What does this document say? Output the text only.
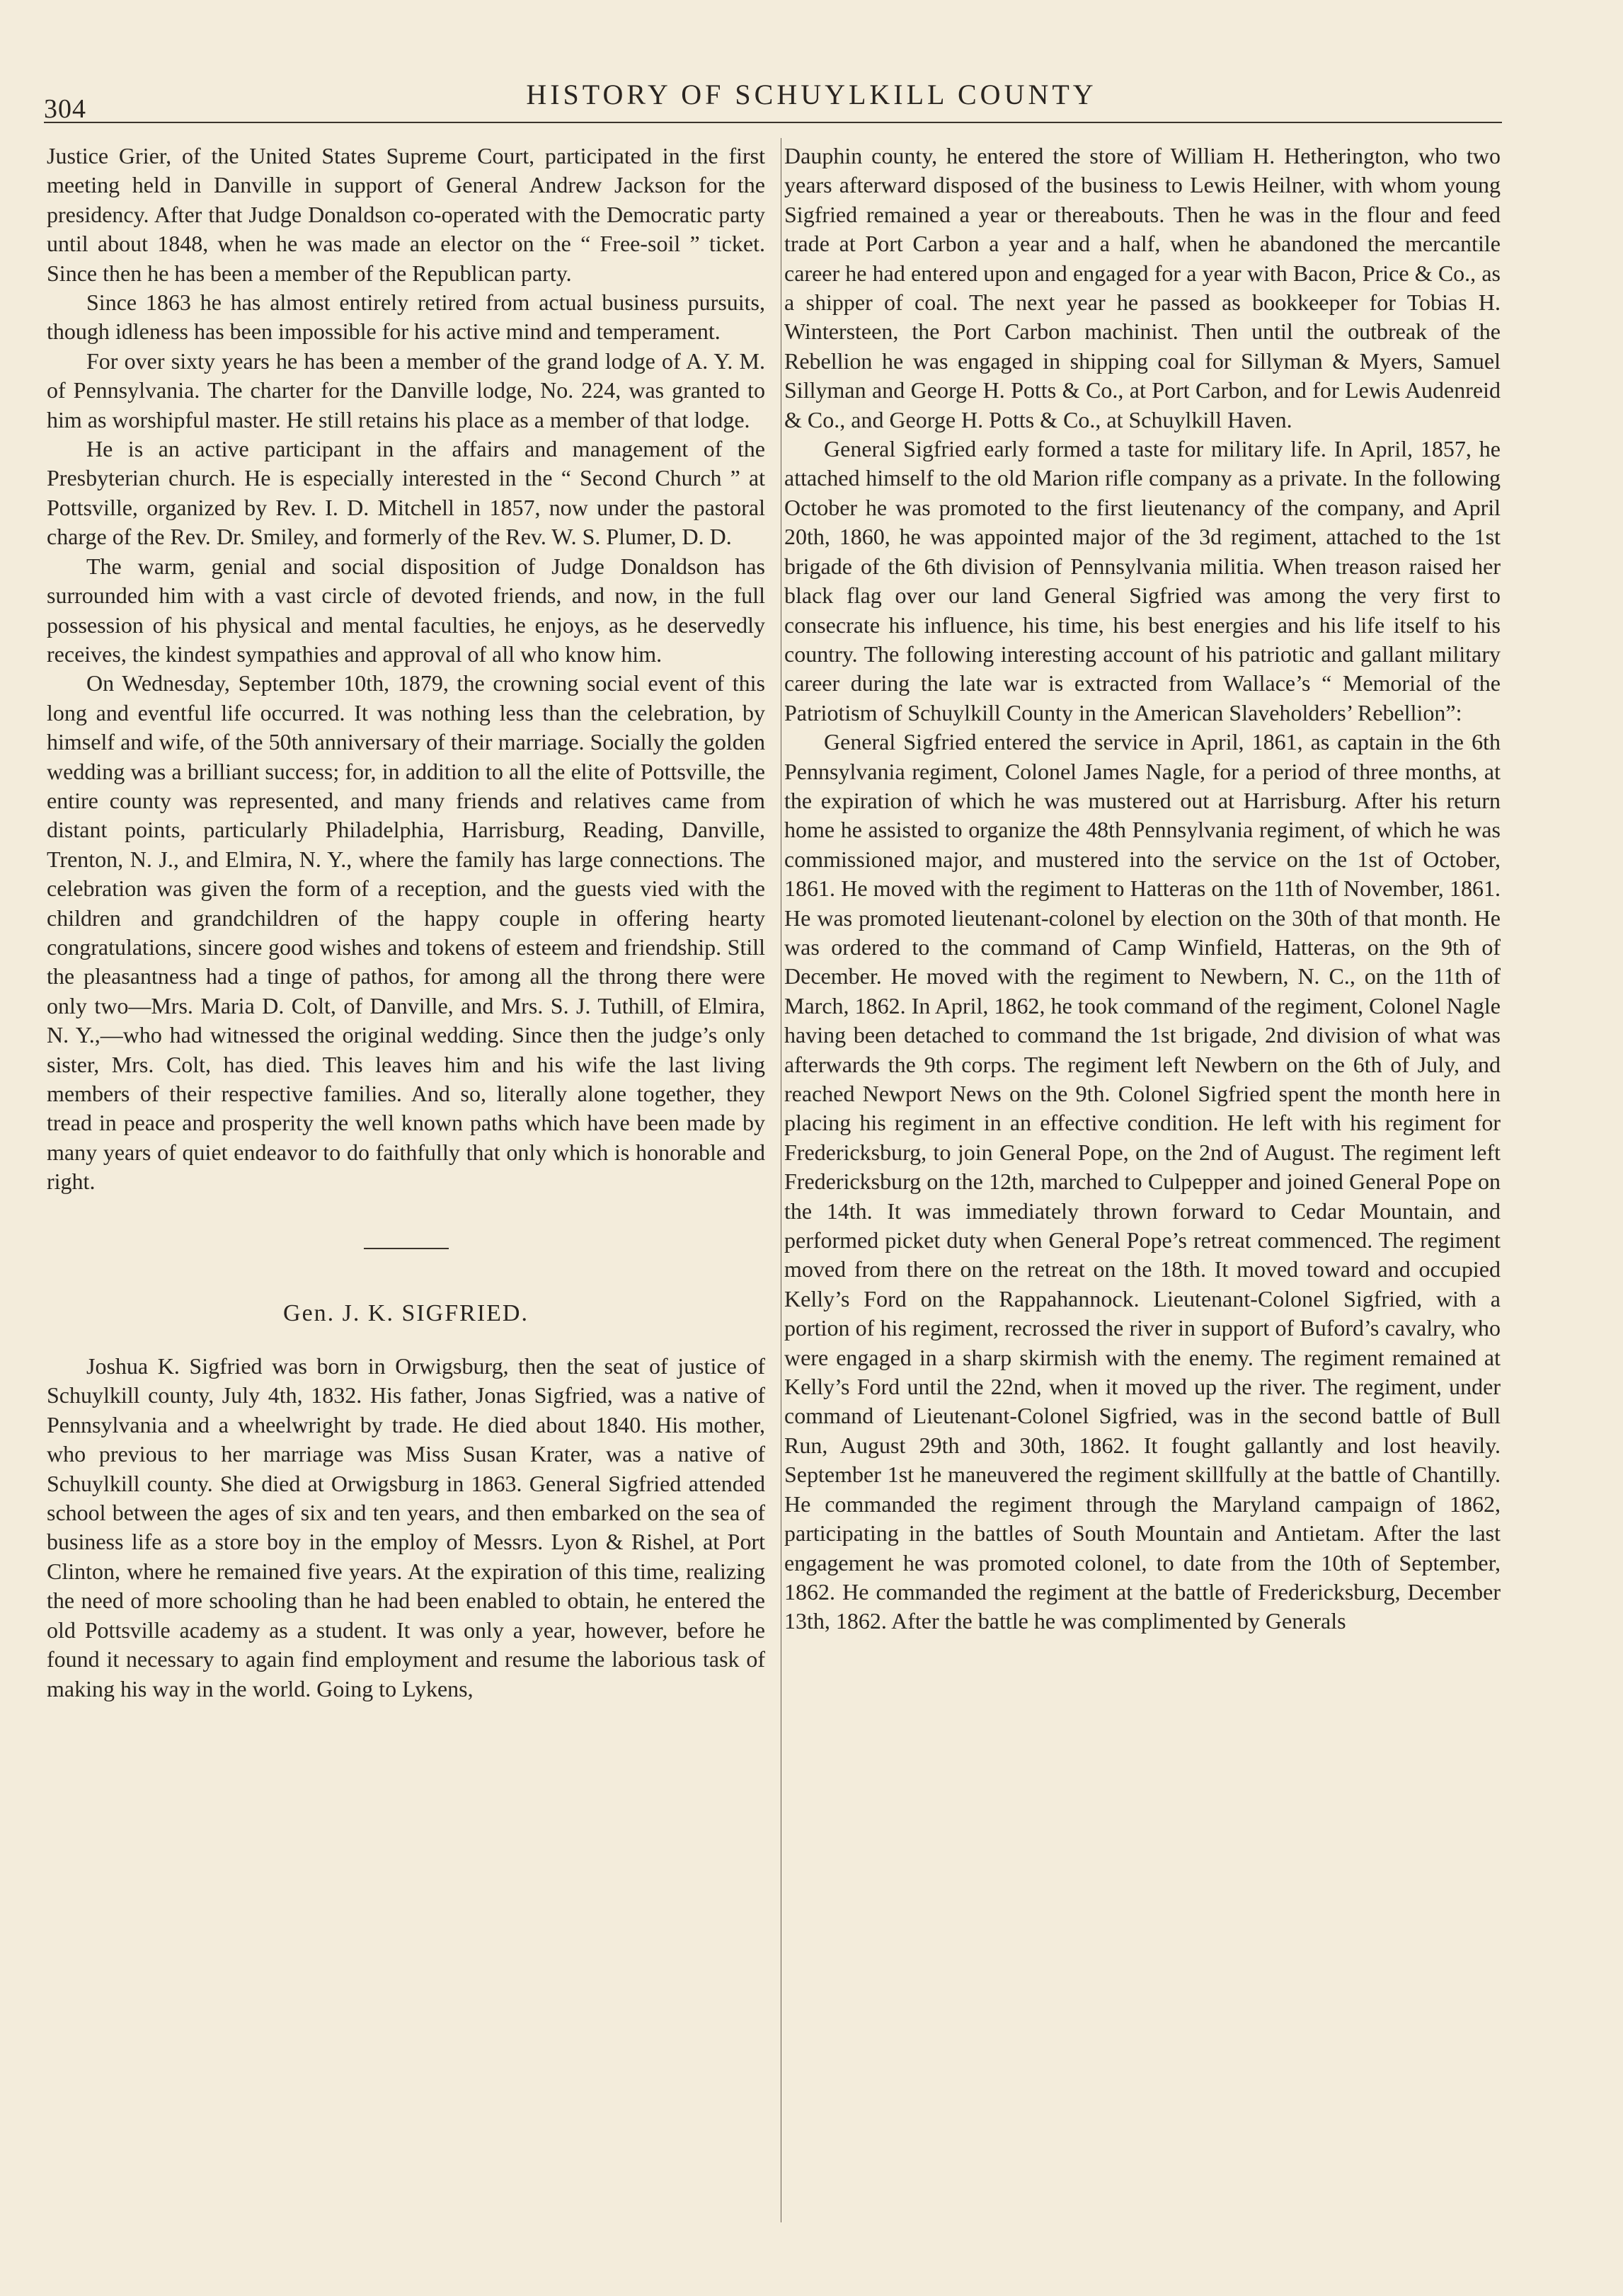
304	HISTORY OF SCHUYLKILL COUNTY

Justice Grier, of the United States Supreme Court, participated in the first meeting held in Danville in support of General Andrew Jackson for the presidency. After that Judge Donaldson co-operated with the Democratic party until about 1848, when he was made an elector on the “ Free-soil ” ticket. Since then he has been a member of the Republican party.

Since 1863 he has almost entirely retired from actual business pursuits, though idleness has been impossible for his active mind and temperament.

For over sixty years he has been a member of the grand lodge of A. Y. M. of Pennsylvania. The charter for the Danville lodge, No. 224, was granted to him as worshipful master. He still retains his place as a member of that lodge.

He is an active participant in the affairs and management of the Presbyterian church. He is especially interested in the “ Second Church ” at Pottsville, organized by Rev. I. D. Mitchell in 1857, now under the pastoral charge of the Rev. Dr. Smiley, and formerly of the Rev. W. S. Plumer, D. D.

The warm, genial and social disposition of Judge Donaldson has surrounded him with a vast circle of devoted friends, and now, in the full possession of his physical and mental faculties, he enjoys, as he deservedly receives, the kindest sympathies and approval of all who know him.

On Wednesday, September 10th, 1879, the crowning social event of this long and eventful life occurred. It was nothing less than the celebration, by himself and wife, of the 50th anniversary of their marriage. Socially the golden wedding was a brilliant success; for, in addition to all the elite of Pottsville, the entire county was represented, and many friends and relatives came from distant points, particularly Philadelphia, Harrisburg, Reading, Danville, Trenton, N. J., and Elmira, N. Y., where the family has large connections. The celebration was given the form of a reception, and the guests vied with the children and grandchildren of the happy couple in offering hearty congratulations, sincere good wishes and tokens of esteem and friendship. Still the pleasantness had a tinge of pathos, for among all the throng there were only two—Mrs. Maria D. Colt, of Danville, and Mrs. S. J. Tuthill, of Elmira, N. Y.,—who had witnessed the original wedding. Since then the judge’s only sister, Mrs. Colt, has died. This leaves him and his wife the last living members of their respective families. And so, literally alone together, they tread in peace and prosperity the well known paths which have been made by many years of quiet endeavor to do faithfully that only which is honorable and right.

Gen. J. K. SIGFRIED.

Joshua K. Sigfried was born in Orwigsburg, then the seat of justice of Schuylkill county, July 4th, 1832. His father, Jonas Sigfried, was a native of Pennsylvania and a wheelwright by trade. He died about 1840. His mother, who previous to her marriage was Miss Susan Krater, was a native of Schuylkill county. She died at Orwigsburg in 1863. General Sigfried attended school between the ages of six and ten years, and then embarked on the sea of business life as a store boy in the employ of Messrs. Lyon & Rishel, at Port Clinton, where he remained five years. At the expiration of this time, realizing the need of more schooling than he had been enabled to obtain, he entered the old Pottsville academy as a student. It was only a year, however, before he found it necessary to again find employment and resume the laborious task of making his way in the world. Going to Lykens,

Dauphin county, he entered the store of William H. Hetherington, who two years afterward disposed of the business to Lewis Heilner, with whom young Sigfried remained a year or thereabouts. Then he was in the flour and feed trade at Port Carbon a year and a half, when he abandoned the mercantile career he had entered upon and engaged for a year with Bacon, Price & Co., as a shipper of coal. The next year he passed as bookkeeper for Tobias H. Wintersteen, the Port Carbon machinist. Then until the outbreak of the Rebellion he was engaged in shipping coal for Sillyman & Myers, Samuel Sillyman and George H. Potts & Co., at Port Carbon, and for Lewis Audenreid & Co., and George H. Potts & Co., at Schuylkill Haven.

General Sigfried early formed a taste for military life. In April, 1857, he attached himself to the old Marion rifle company as a private. In the following October he was promoted to the first lieutenancy of the company, and April 20th, 1860, he was appointed major of the 3d regiment, attached to the 1st brigade of the 6th division of Pennsylvania militia. When treason raised her black flag over our land General Sigfried was among the very first to consecrate his influence, his time, his best energies and his life itself to his country. The following interesting account of his patriotic and gallant military career during the late war is extracted from Wallace’s “ Memorial of the Patriotism of Schuylkill County in the American Slaveholders’ Rebellion”:

General Sigfried entered the service in April, 1861, as captain in the 6th Pennsylvania regiment, Colonel James Nagle, for a period of three months, at the expiration of which he was mustered out at Harrisburg. After his return home he assisted to organize the 48th Pennsylvania regiment, of which he was commissioned major, and mustered into the service on the 1st of October, 1861. He moved with the regiment to Hatteras on the 11th of November, 1861. He was promoted lieutenant-colonel by election on the 30th of that month. He was ordered to the command of Camp Winfield, Hatteras, on the 9th of December. He moved with the regiment to Newbern, N. C., on the 11th of March, 1862. In April, 1862, he took command of the regiment, Colonel Nagle having been detached to command the 1st brigade, 2nd division of what was afterwards the 9th corps. The regiment left Newbern on the 6th of July, and reached Newport News on the 9th. Colonel Sigfried spent the month here in placing his regiment in an effective condition. He left with his regiment for Fredericksburg, to join General Pope, on the 2nd of August. The regiment left Fredericksburg on the 12th, marched to Culpepper and joined General Pope on the 14th. It was immediately thrown forward to Cedar Mountain, and performed picket duty when General Pope’s retreat commenced. The regiment moved from there on the retreat on the 18th. It moved toward and occupied Kelly’s Ford on the Rappahannock. Lieutenant-Colonel Sigfried, with a portion of his regiment, recrossed the river in support of Buford’s cavalry, who were engaged in a sharp skirmish with the enemy. The regiment remained at Kelly’s Ford until the 22nd, when it moved up the river. The regiment, under command of Lieutenant-Colonel Sigfried, was in the second battle of Bull Run, August 29th and 30th, 1862. It fought gallantly and lost heavily. September 1st he maneuvered the regiment skillfully at the battle of Chantilly. He commanded the regiment through the Maryland campaign of 1862, participating in the battles of South Mountain and Antietam. After the last engagement he was promoted colonel, to date from the 10th of September, 1862. He commanded the regiment at the battle of Fredericksburg, December 13th, 1862. After the battle he was complimented by Generals
